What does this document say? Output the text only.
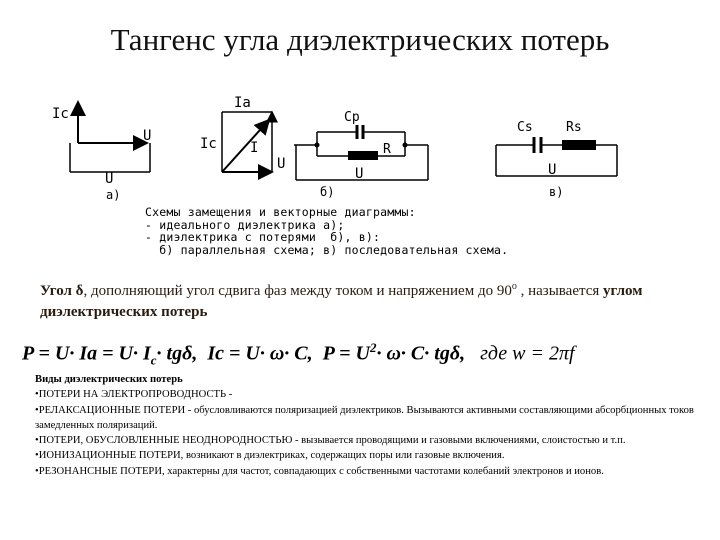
Тангенс угла диэлектрических потерь
Ic
U
U
a)
Ia
Ic I
U
Cp
R
U
б)
Cs	Rs
U
в)
Схемы замещения и векторные диаграммы:
- идеального диэлектрика а);
- диэлектрика с потерями  б), в):
б) параллельная схема; в) последовательная схема.
Угол δ, дополняющий угол сдвига фаз между током и напряжением до $90^о$ , называется углом диэлектрических потерь
$P = U\cdot Ia = U\cdot I_c\cdot tg\delta$, Ic = U· ω· C, $P = U^2\cdot \omega\cdot C\cdot tg\delta$, где w = 2πf
Виды диэлектрических потерь
•ПОТЕРИ НА ЭЛЕКТРОПРОВОДНОСТЬ -
•РЕЛАКСАЦИОННЫЕ ПОТЕРИ - обусловливаются поляризацией диэлектриков. Вызываются активными составляющими абсорбционных токов замедленных поляризаций.
•ПОТЕРИ, ОБУСЛОВЛЕННЫЕ НЕОДНОРОДНОСТЬЮ - вызывается проводящими и газовыми включениями, слоистостью и т.п.
•ИОНИЗАЦИОННЫЕ ПОТЕРИ, возникают в диэлектриках, содержащих поры или газовые включения.
•РЕЗОНАНСНЫЕ ПОТЕРИ, характерны для частот, совпадающих с собственными частотами колебаний электронов и ионов.
